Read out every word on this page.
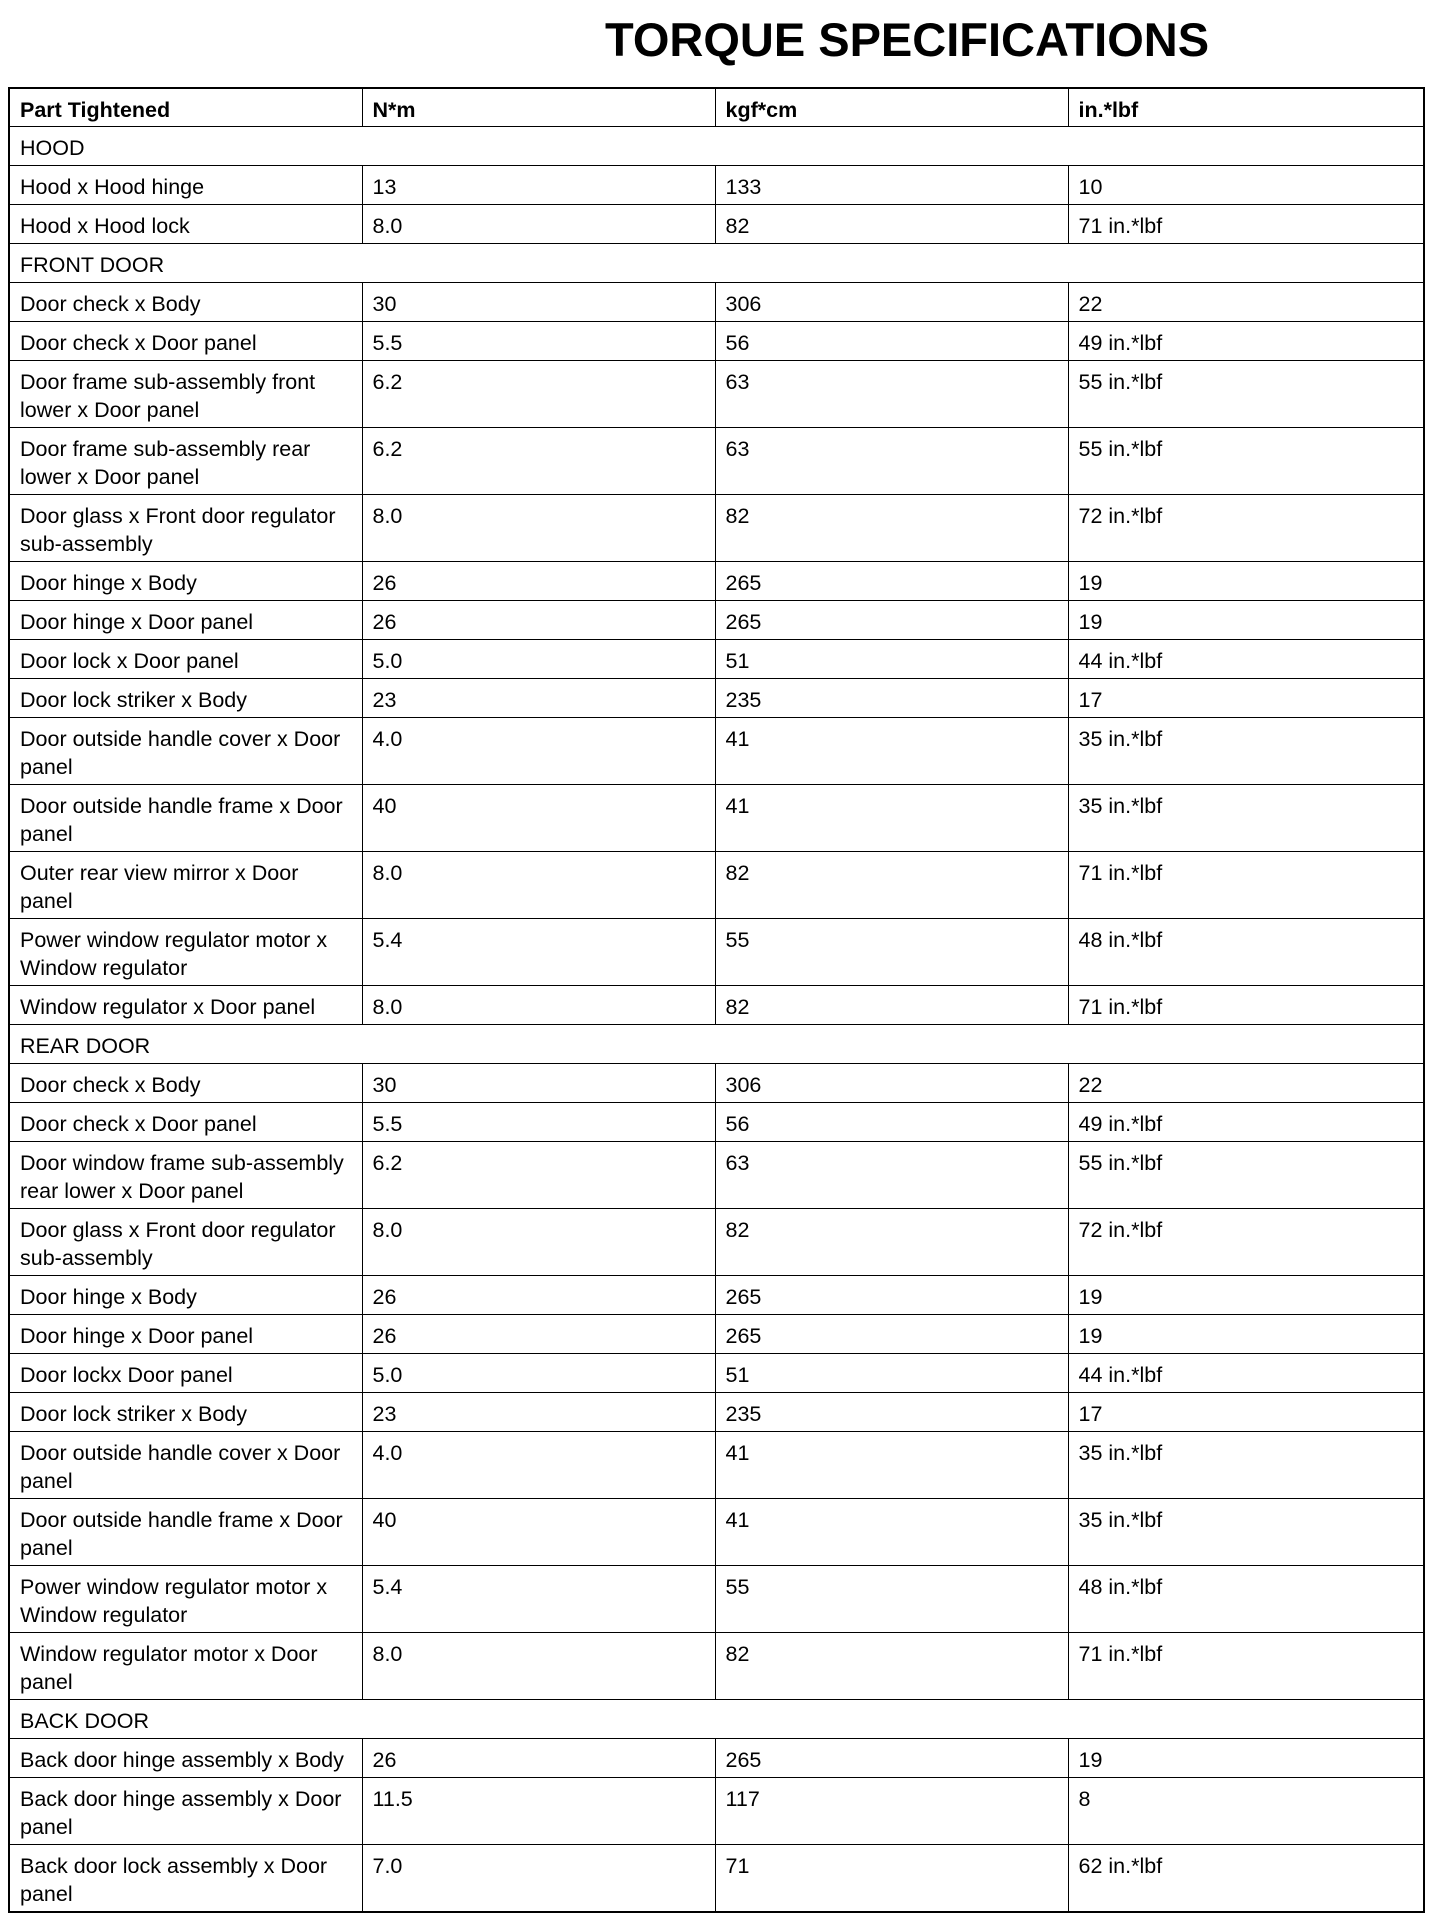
TORQUE SPECIFICATIONS
Part Tightened	N*m	kgf*cm	in.*lbf
HOOD			
Hood x Hood hinge	13	133	10
Hood x Hood lock	8.0	82	71 in.*lbf
FRONT DOOR			
Door check x Body	30	306	22
Door check x Door panel	5.5	56	49 in.*lbf
Door frame sub-assembly front lower x Door panel	6.2	63	55 in.*lbf
Door frame sub-assembly rear lower x Door panel	6.2	63	55 in.*lbf
Door glass x Front door regulator sub-assembly	8.0	82	72 in.*lbf
Door hinge x Body	26	265	19
Door hinge x Door panel	26	265	19
Door lock x Door panel	5.0	51	44 in.*lbf
Door lock striker x Body	23	235	17
Door outside handle cover x Door panel	4.0	41	35 in.*lbf
Door outside handle frame x Door panel	40	41	35 in.*lbf
Outer rear view mirror x Door panel	8.0	82	71 in.*lbf
Power window regulator motor x Window regulator	5.4	55	48 in.*lbf
Window regulator x Door panel	8.0	82	71 in.*lbf
REAR DOOR			
Door check x Body	30	306	22
Door check x Door panel	5.5	56	49 in.*lbf
Door window frame sub-assembly rear lower x Door panel	6.2	63	55 in.*lbf
Door glass x Front door regulator sub-assembly	8.0	82	72 in.*lbf
Door hinge x Body	26	265	19
Door hinge x Door panel	26	265	19
Door lockx Door panel	5.0	51	44 in.*lbf
Door lock striker x Body	23	235	17
Door outside handle cover x Door panel	4.0	41	35 in.*lbf
Door outside handle frame x Door panel	40	41	35 in.*lbf
Power window regulator motor x Window regulator	5.4	55	48 in.*lbf
Window regulator motor x Door panel	8.0	82	71 in.*lbf
BACK DOOR			
Back door hinge assembly x Body	26	265	19
Back door hinge assembly x Door panel	11.5	117	8
Back door lock assembly x Door panel	7.0	71	62 in.*lbf
